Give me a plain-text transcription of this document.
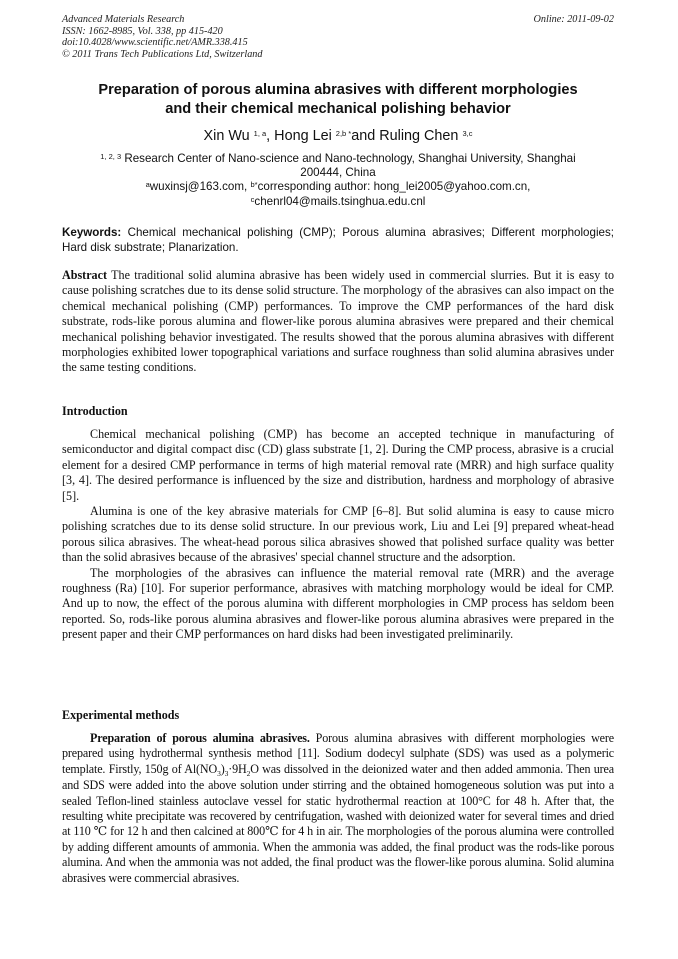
Advanced Materials Research
ISSN: 1662-8985, Vol. 338, pp 415-420
doi:10.4028/www.scientific.net/AMR.338.415
© 2011 Trans Tech Publications Ltd, Switzerland
Online: 2011-09-02
Preparation of porous alumina abrasives with different morphologies
and their chemical mechanical polishing behavior
Xin Wu $^{1, a}$, Hong Lei $^{2,b *}$and Ruling Chen $^{3,c}$
$^{1, 2, 3}$ Research Center of Nano-science and Nano-technology, Shanghai University, Shanghai
200444, China
$^a$wuxinsj@163.com, $^{b*}$corresponding author: hong_lei2005@yahoo.com.cn,
$^c$chenrl04@mails.tsinghua.edu.cnl
Keywords: Chemical mechanical polishing (CMP); Porous alumina abrasives; Different morphologies; Hard disk substrate; Planarization.

Abstract The traditional solid alumina abrasive has been widely used in commercial slurries. But it is easy to cause polishing scratches due to its dense solid structure. The morphology of the abrasives can also impact on the chemical mechanical polishing (CMP) performances. To improve the CMP performances of the hard disk substrate, rods-like porous alumina and flower-like porous alumina abrasives were prepared and their chemical mechanical polishing behavior investigated. The results showed that the porous alumina abrasives with different morphologies exhibited lower topographical variations and surface roughness than solid alumina abrasives under the same testing conditions.

Introduction

Chemical mechanical polishing (CMP) has become an accepted technique in manufacturing of semiconductor and digital compact disc (CD) glass substrate [1, 2]. During the CMP process, abrasive is a crucial element for a desired CMP performance in terms of high material removal rate (MRR) and high surface quality [3, 4]. The desired performance is influenced by the size and distribution, hardness and morphology of abrasive [5].

Alumina is one of the key abrasive materials for CMP [6–8]. But solid alumina is easy to cause micro polishing scratches due to its dense solid structure. In our previous work, Liu and Lei [9] prepared wheat-head porous silica abrasives. The wheat-head porous silica abrasives showed that polished surface quality was better than the solid abrasives because of the abrasives' special channel structure and the adsorption.

The morphologies of the abrasives can influence the material removal rate (MRR) and the average roughness (Ra) [10]. For superior performance, abrasives with matching morphology would be ideal for CMP. And up to now, the effect of the porous alumina with different morphologies in CMP process has seldom been reported. So, rods-like porous alumina abrasives and flower-like porous alumina abrasives were prepared in the present paper and their CMP performances on hard disks had been investigated preliminarily.

Experimental methods

Preparation of porous alumina abrasives. Porous alumina abrasives with different morphologies were prepared using hydrothermal synthesis method [11]. Sodium dodecyl sulphate (SDS) was used as a polymeric template. Firstly, 150g of $Al(NO_3)_3\cdot 9H_2O$ was dissolved in the deionized water and then added ammonia. Then urea and SDS were added into the above solution under stirring and the obtained homogeneous solution was put into a sealed Teflon-lined stainless autoclave vessel for static hydrothermal reaction at 100°C for 48 h. After that, the resulting white precipitate was recovered by centrifugation, washed with deionized water for several times and dried at 110 ℃ for 12 h and then calcined at 800℃ for 4 h in air. The morphologies of the porous alumina were controlled by adding different amounts of ammonia. When the ammonia was added, the final product was the rods-like porous alumina. And when the ammonia was not added, the final product was the flower-like porous alumina. Solid alumina abrasives were commercial abrasives.
